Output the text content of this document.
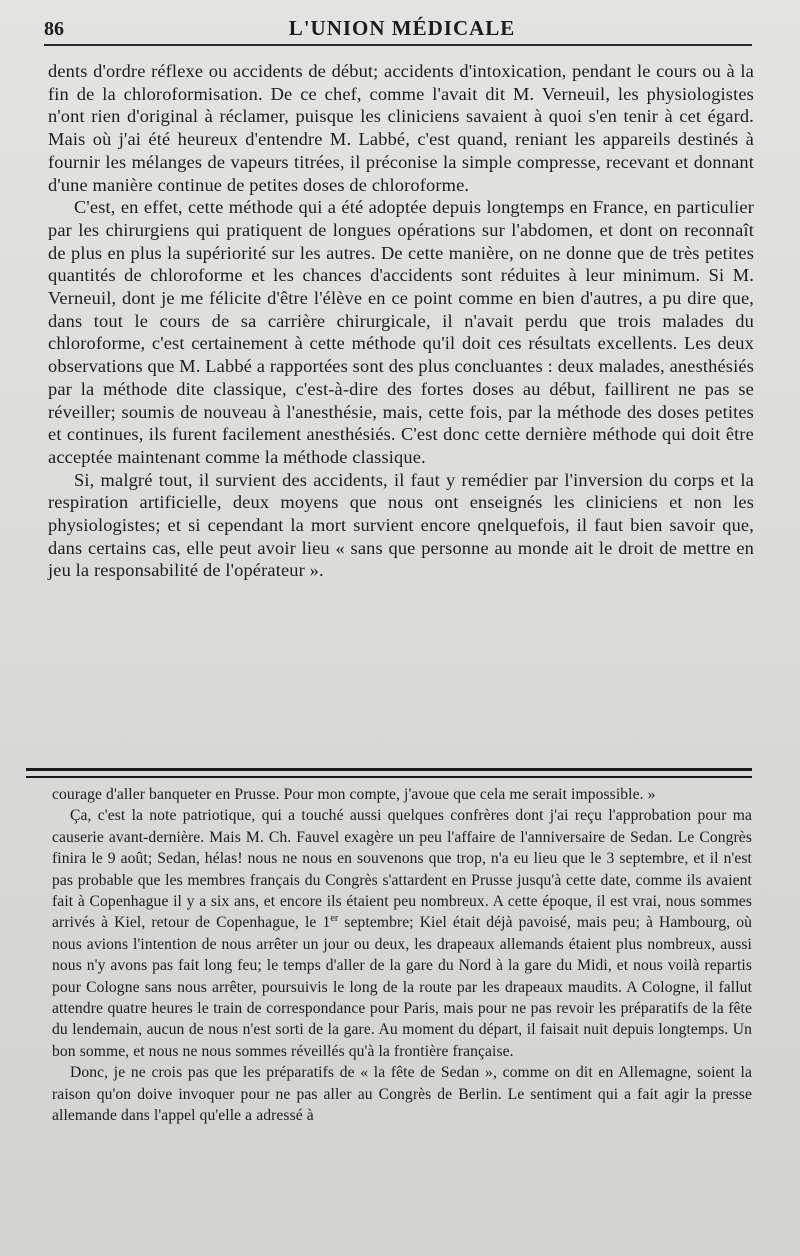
86	L'UNION MÉDICALE

dents d'ordre réflexe ou accidents de début; accidents d'intoxication, pendant le cours ou à la fin de la chloroformisation. De ce chef, comme l'avait dit M. Verneuil, les physiologistes n'ont rien d'original à réclamer, puisque les cliniciens savaient à quoi s'en tenir à cet égard. Mais où j'ai été heureux d'entendre M. Labbé, c'est quand, reniant les appareils destinés à fournir les mélanges de vapeurs titrées, il préconise la simple compresse, recevant et donnant d'une manière continue de petites doses de chloroforme.

C'est, en effet, cette méthode qui a été adoptée depuis longtemps en France, en particulier par les chirurgiens qui pratiquent de longues opérations sur l'abdomen, et dont on reconnaît de plus en plus la supériorité sur les autres. De cette manière, on ne donne que de très petites quantités de chloroforme et les chances d'accidents sont réduites à leur minimum. Si M. Verneuil, dont je me félicite d'être l'élève en ce point comme en bien d'autres, a pu dire que, dans tout le cours de sa carrière chirurgicale, il n'avait perdu que trois malades du chloroforme, c'est certainement à cette méthode qu'il doit ces résultats excellents. Les deux observations que M. Labbé a rapportées sont des plus concluantes : deux malades, anesthésiés par la méthode dite classique, c'est-à-dire des fortes doses au début, faillirent ne pas se réveiller; soumis de nouveau à l'anesthésie, mais, cette fois, par la méthode des doses petites et continues, ils furent facilement anesthésiés. C'est donc cette dernière méthode qui doit être acceptée maintenant comme la méthode classique.

Si, malgré tout, il survient des accidents, il faut y remédier par l'inversion du corps et la respiration artificielle, deux moyens que nous ont enseignés les cliniciens et non les physiologistes; et si cependant la mort survient encore qnelquefois, il faut bien savoir que, dans certains cas, elle peut avoir lieu « sans que personne au monde ait le droit de mettre en jeu la responsabilité de l'opérateur ».

courage d'aller banqueter en Prusse. Pour mon compte, j'avoue que cela me serait impossible. »

Ça, c'est la note patriotique, qui a touché aussi quelques confrères dont j'ai reçu l'approbation pour ma causerie avant-dernière. Mais M. Ch. Fauvel exagère un peu l'affaire de l'anniversaire de Sedan. Le Congrès finira le 9 août; Sedan, hélas! nous ne nous en souvenons que trop, n'a eu lieu que le 3 septembre, et il n'est pas probable que les membres français du Congrès s'attardent en Prusse jusqu'à cette date, comme ils avaient fait à Copenhague il y a six ans, et encore ils étaient peu nombreux. A cette époque, il est vrai, nous sommes arrivés à Kiel, retour de Copenhague, le 1er septembre; Kiel était déjà pavoisé, mais peu; à Hambourg, où nous avions l'intention de nous arrêter un jour ou deux, les drapeaux allemands étaient plus nombreux, aussi nous n'y avons pas fait long feu; le temps d'aller de la gare du Nord à la gare du Midi, et nous voilà repartis pour Cologne sans nous arrêter, poursuivis le long de la route par les drapeaux maudits. A Cologne, il fallut attendre quatre heures le train de correspondance pour Paris, mais pour ne pas revoir les préparatifs de la fête du lendemain, aucun de nous n'est sorti de la gare. Au moment du départ, il faisait nuit depuis longtemps. Un bon somme, et nous ne nous sommes réveillés qu'à la frontière française.

Donc, je ne crois pas que les préparatifs de « la fête de Sedan », comme on dit en Allemagne, soient la raison qu'on doive invoquer pour ne pas aller au Congrès de Berlin. Le sentiment qui a fait agir la presse allemande dans l'appel qu'elle a adressé à
